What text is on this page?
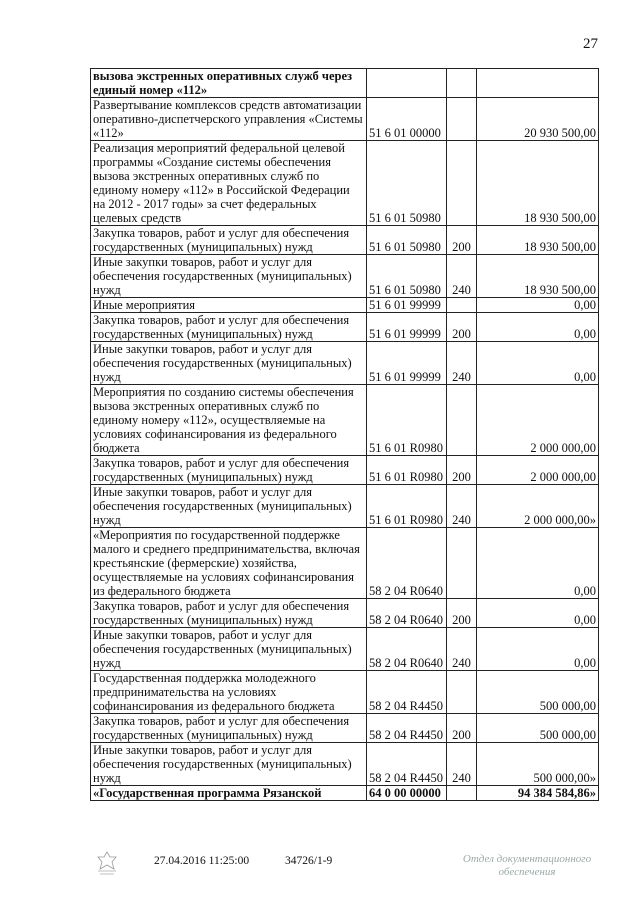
27
вызова экстренных оперативных служб через единый номер «112»			
Развертывание комплексов средств автоматизации оперативно-диспетчерского управления «Системы «112»	51 6 01 00000		20 930 500,00
Реализация мероприятий федеральной целевой программы «Создание системы обеспечения вызова экстренных оперативных служб по единому номеру «112» в Российской Федерации на 2012 - 2017 годы» за счет федеральных целевых средств	51 6 01 50980		18 930 500,00
Закупка товаров, работ и услуг для обеспечения государственных (муниципальных) нужд	51 6 01 50980	200	18 930 500,00
Иные закупки товаров, работ и услуг для обеспечения государственных (муниципальных) нужд	51 6 01 50980	240	18 930 500,00
Иные мероприятия	51 6 01 99999		0,00
Закупка товаров, работ и услуг для обеспечения государственных (муниципальных) нужд	51 6 01 99999	200	0,00
Иные закупки товаров, работ и услуг для обеспечения государственных (муниципальных) нужд	51 6 01 99999	240	0,00
Мероприятия по созданию системы обеспечения вызова экстренных оперативных служб по единому номеру «112», осуществляемые на условиях софинансирования из федерального бюджета	51 6 01 R0980		2 000 000,00
Закупка товаров, работ и услуг для обеспечения государственных (муниципальных) нужд	51 6 01 R0980	200	2 000 000,00
Иные закупки товаров, работ и услуг для обеспечения государственных (муниципальных) нужд	51 6 01 R0980	240	2 000 000,00»
«Мероприятия по государственной поддержке малого и среднего предпринимательства, включая крестьянские (фермерские) хозяйства, осуществляемые на условиях софинансирования из федерального бюджета	58 2 04 R0640		0,00
Закупка товаров, работ и услуг для обеспечения государственных (муниципальных) нужд	58 2 04 R0640	200	0,00
Иные закупки товаров, работ и услуг для обеспечения государственных (муниципальных) нужд	58 2 04 R0640	240	0,00
Государственная поддержка молодежного предпринимательства на условиях софинансирования из федерального бюджета	58 2 04 R4450		500 000,00
Закупка товаров, работ и услуг для обеспечения государственных (муниципальных) нужд	58 2 04 R4450	200	500 000,00
Иные закупки товаров, работ и услуг для обеспечения государственных (муниципальных) нужд	58 2 04 R4450	240	500 000,00»
«Государственная программа Рязанской	64 0 00 00000		94 384 584,86»
27.04.2016 11:25:00	34726/1-9	Отдел документационного
обеспечения
